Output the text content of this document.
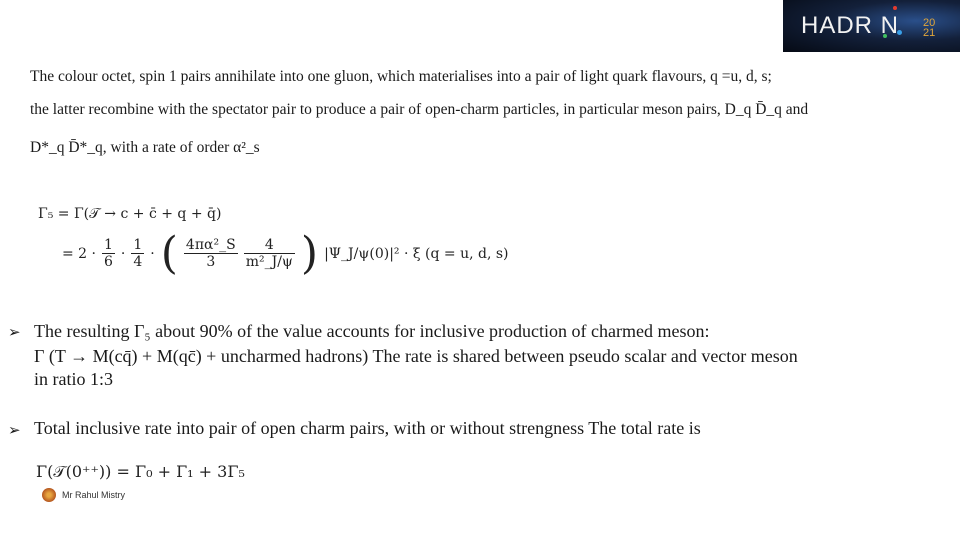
HADR N 20 21
The colour octet, spin 1 pairs annihilate into one gluon, which materialises into a pair of light quark flavours, q =u, d, s;
the latter recombine with the spectator pair to produce a pair of open-charm particles, in particular meson pairs, D_q D̄_q and
D*_q D̄*_q, with a rate of order α²_s
Γ₅ = Γ(𝒯 → c + c̄ + q + q̄)
= $2 \cdot \frac{1}{6} \cdot \frac{1}{4}$ · ( $\frac{\text{4πα²\_S}}{3} \frac{4}{\text{m²\_J/ψ}}$ ) |Ψ_J/ψ(0)|² · ξ (q = u, d, s)
➢ The resulting Γ₅ about 90% of the value accounts for inclusive production of charmed meson:
Γ (T → M(cq̄) + M(qc̄) + uncharmed hadrons) The rate is shared between pseudo scalar and vector meson
in ratio 1:3
➢ Total inclusive rate into pair of open charm pairs, with or without strengness The total rate is
Γ(𝒯(0⁺⁺)) = Γ₀ + Γ₁ + 3Γ₅
Mr Rahul Mistry
